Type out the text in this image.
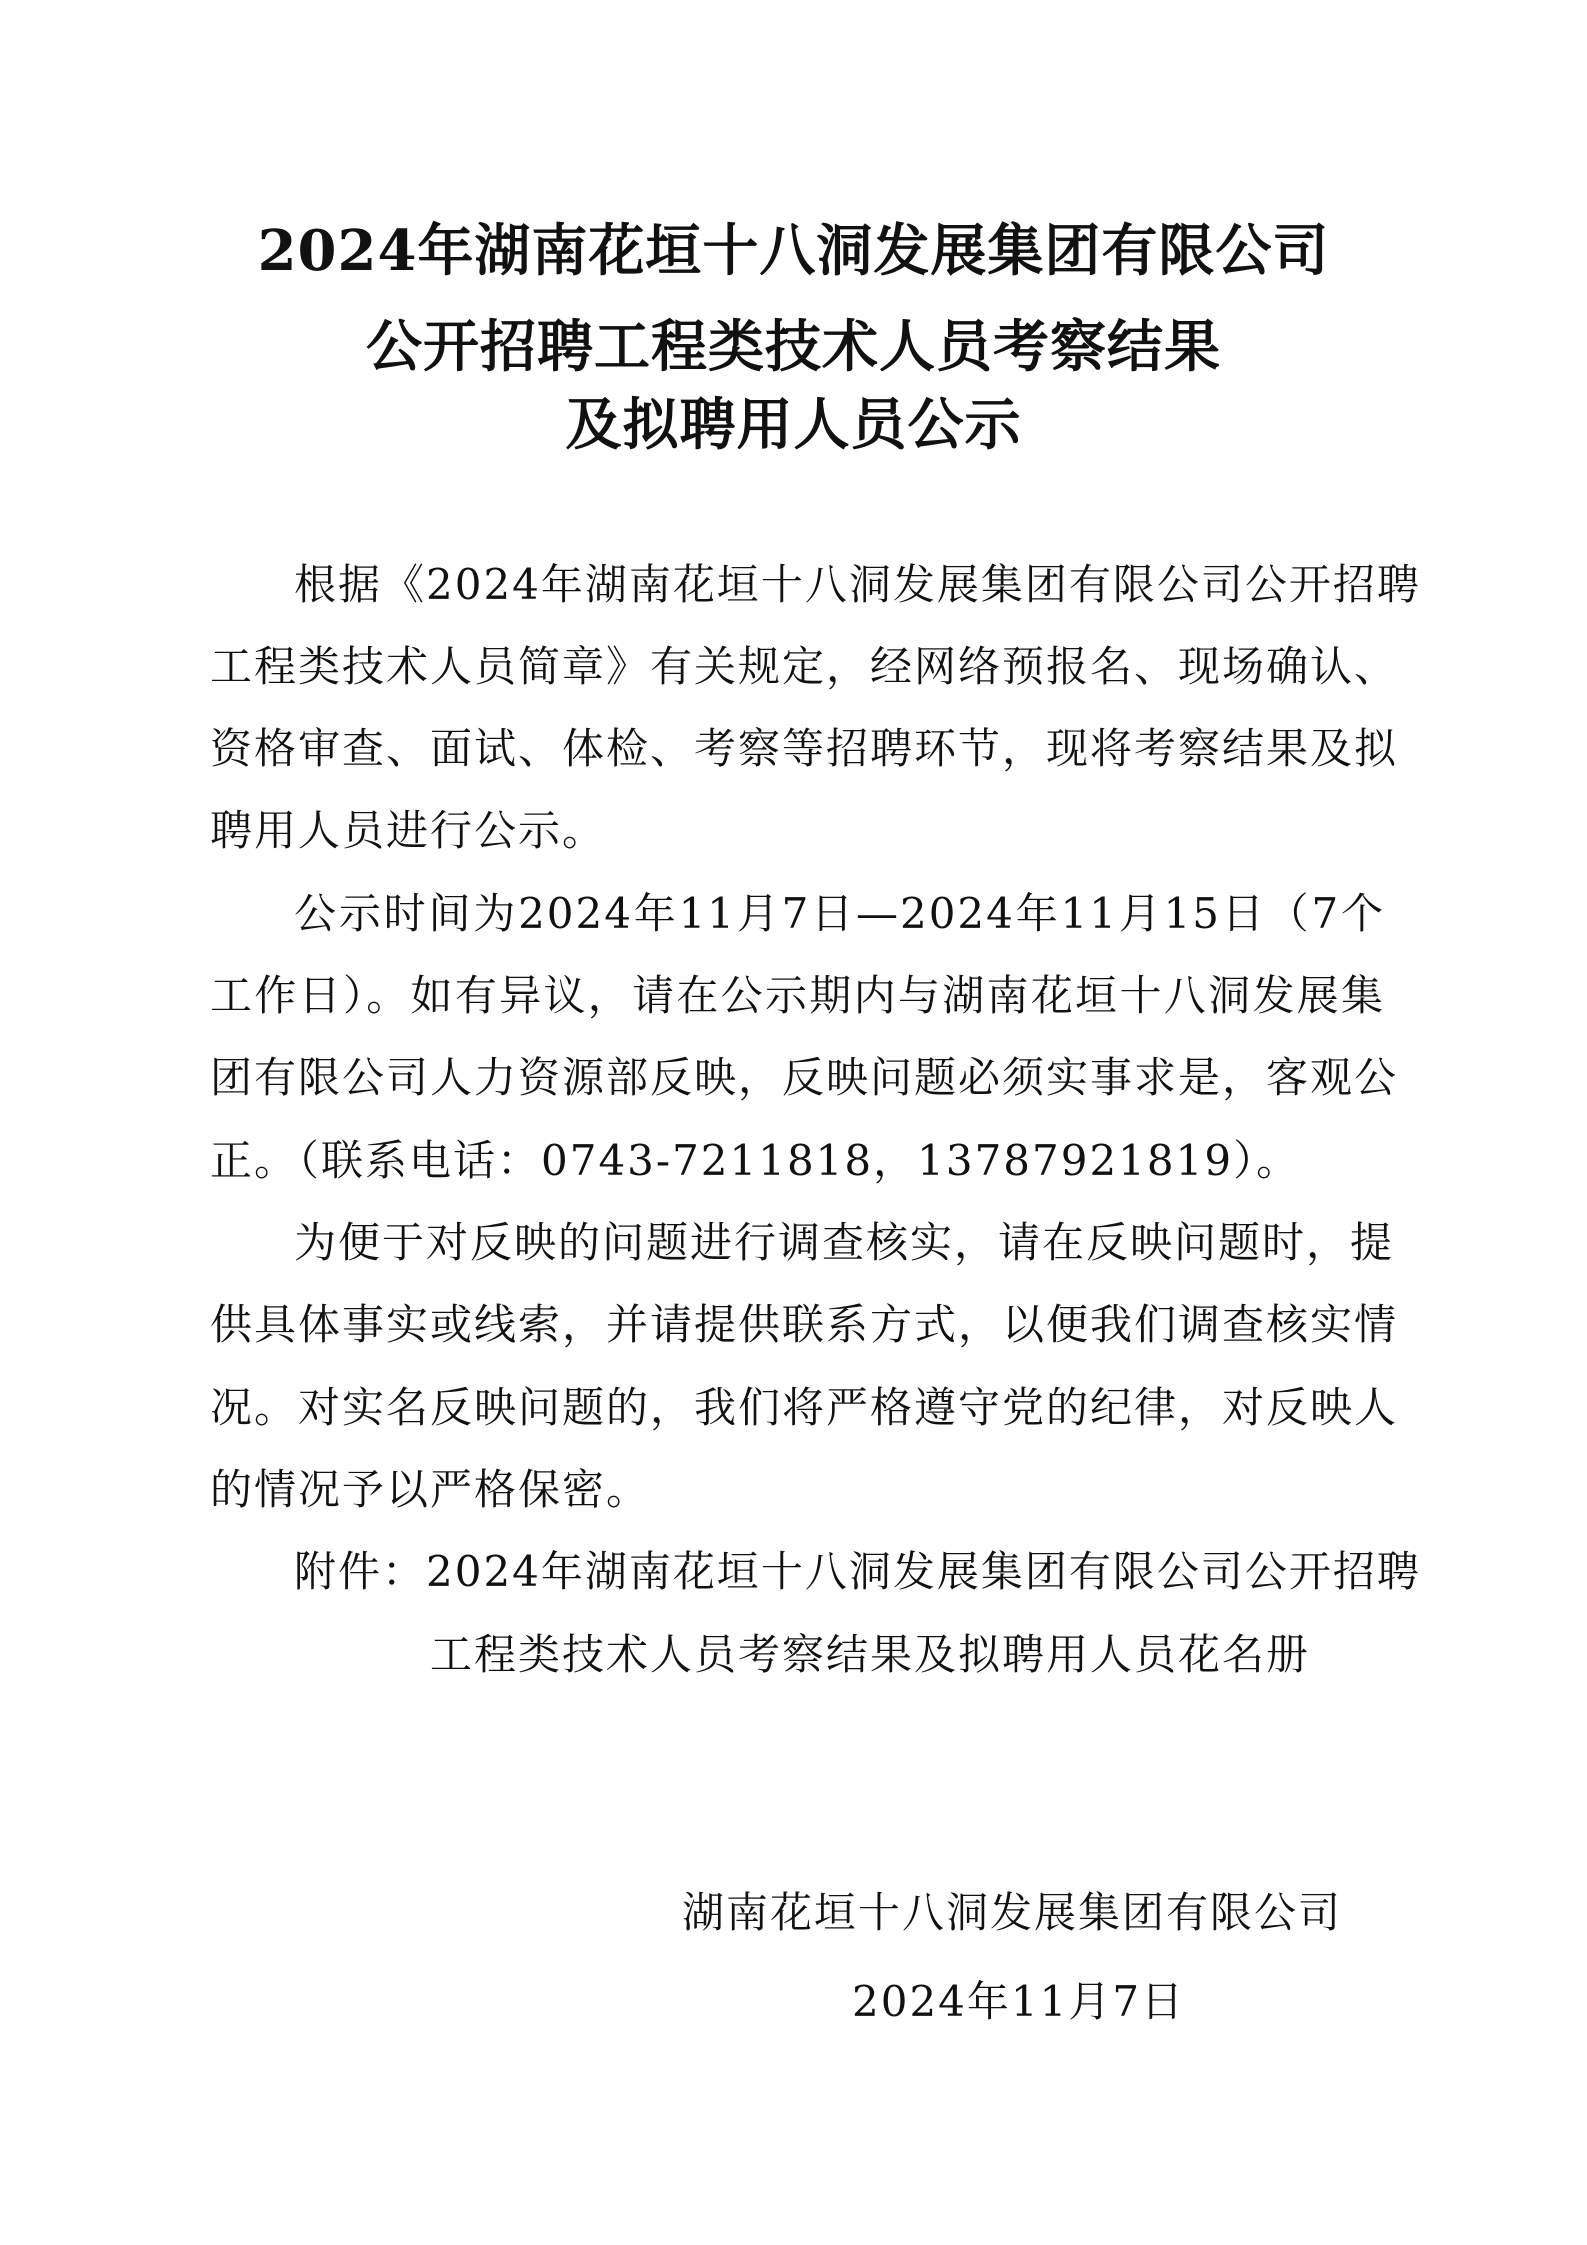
2024年湖南花垣十八洞发展集团有限公司
公开招聘工程类技术人员考察结果
及拟聘用人员公示

根据《2024年湖南花垣十八洞发展集团有限公司公开招聘

工程类技术人员简章》有关规定，经网络预报名、现场确认、

资格审查、面试、体检、考察等招聘环节，现将考察结果及拟

聘用人员进行公示。

公示时间为2024年11月7日—2024年11月15日（7个

工作日）。如有异议，请在公示期内与湖南花垣十八洞发展集

团有限公司人力资源部反映，反映问题必须实事求是，客观公

正。（联系电话：0743-7211818，13787921819）。

为便于对反映的问题进行调查核实，请在反映问题时，提

供具体事实或线索，并请提供联系方式，以便我们调查核实情

况。对实名反映问题的，我们将严格遵守党的纪律，对反映人

的情况予以严格保密。

附件：2024年湖南花垣十八洞发展集团有限公司公开招聘

工程类技术人员考察结果及拟聘用人员花名册

湖南花垣十八洞发展集团有限公司

2024年11月7日
